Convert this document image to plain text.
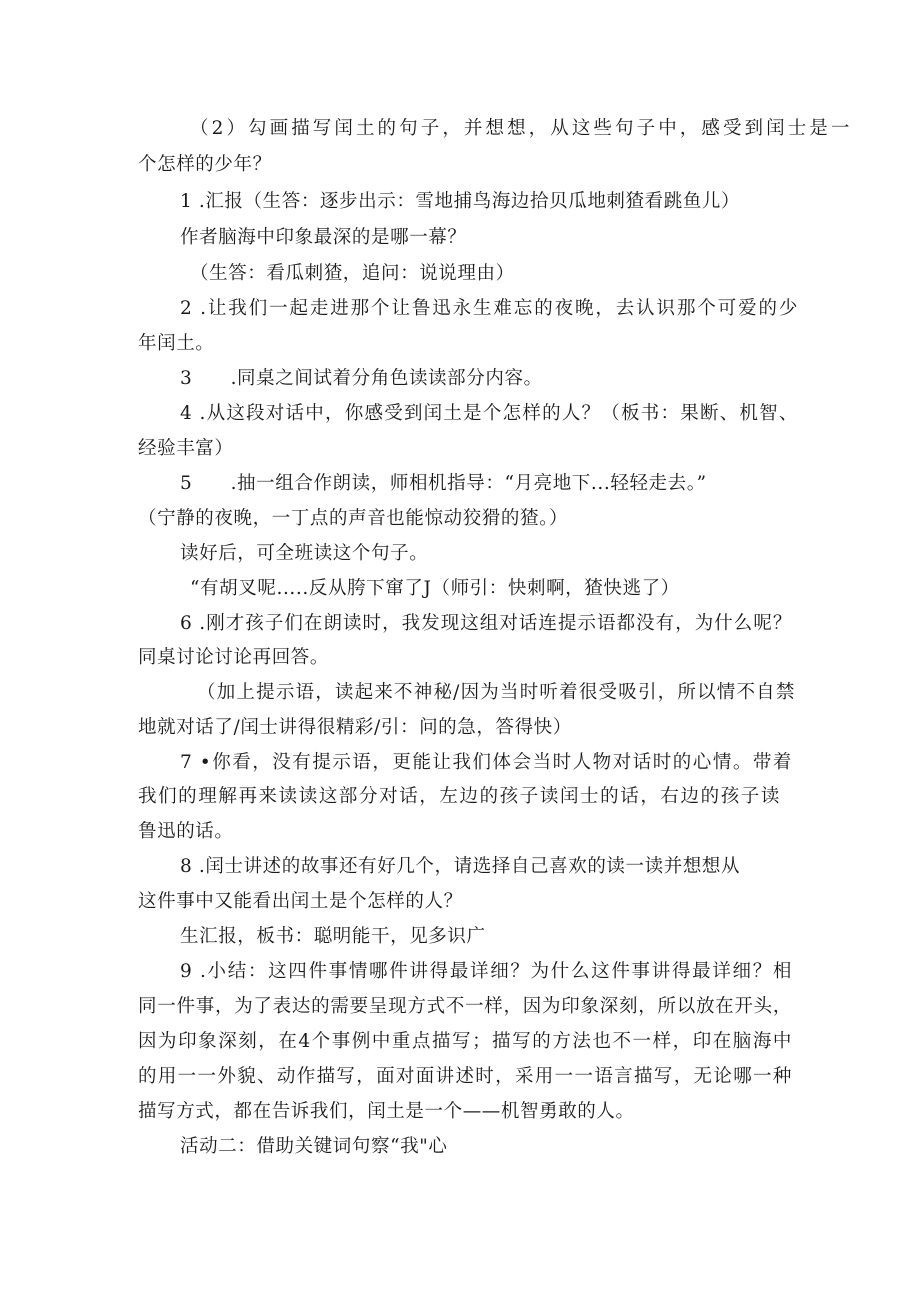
（2）勾画描写闰土的句子，并想想，从这些句子中，感受到闰士是一
个怎样的少年？
1 .汇报（生答：逐步出示：雪地捕鸟海边拾贝瓜地刺猹看跳鱼儿）
作者脑海中印象最深的是哪一幕？
（生答：看瓜刺猹，追问：说说理由）
2 .让我们一起走进那个让鲁迅永生难忘的夜晚，去认识那个可爱的少
年闰土。
3　　.同桌之间试着分角色读读部分内容。
4 .从这段对话中，你感受到闰土是个怎样的人？（板书：果断、机智、
经验丰富）
5　　.抽一组合作朗读，师相机指导：“月亮地下...轻轻走去。”
（宁静的夜晚，一丁点的声音也能惊动狡猾的猹。）
读好后，可全班读这个句子。
“有胡叉呢.....反从胯下窜了J（师引：快刺啊，猹快逃了）
6 .刚才孩子们在朗读时，我发现这组对话连提示语都没有，为什么呢？
同桌讨论讨论再回答。
（加上提示语，读起来不神秘/因为当时听着很受吸引，所以情不自禁
地就对话了/闰士讲得很精彩/引：问的急，答得快）
7 •你看，没有提示语，更能让我们体会当时人物对话时的心情。带着
我们的理解再来读读这部分对话，左边的孩子读闰士的话，右边的孩子读
鲁迅的话。
8 .闰士讲述的故事还有好几个，请选择自己喜欢的读一读并想想从
这件事中又能看出闰土是个怎样的人？
生汇报，板书：聪明能干，见多识广
9 .小结：这四件事情哪件讲得最详细？为什么这件事讲得最详细？相
同一件事，为了表达的需要呈现方式不一样，因为印象深刻，所以放在开头，
因为印象深刻，在4个事例中重点描写；描写的方法也不一样，印在脑海中
的用一一外貌、动作描写，面对面讲述时，采用一一语言描写，无论哪一种
描写方式，都在告诉我们，闰土是一个——机智勇敢的人。
活动二：借助关键词句察“我"心
